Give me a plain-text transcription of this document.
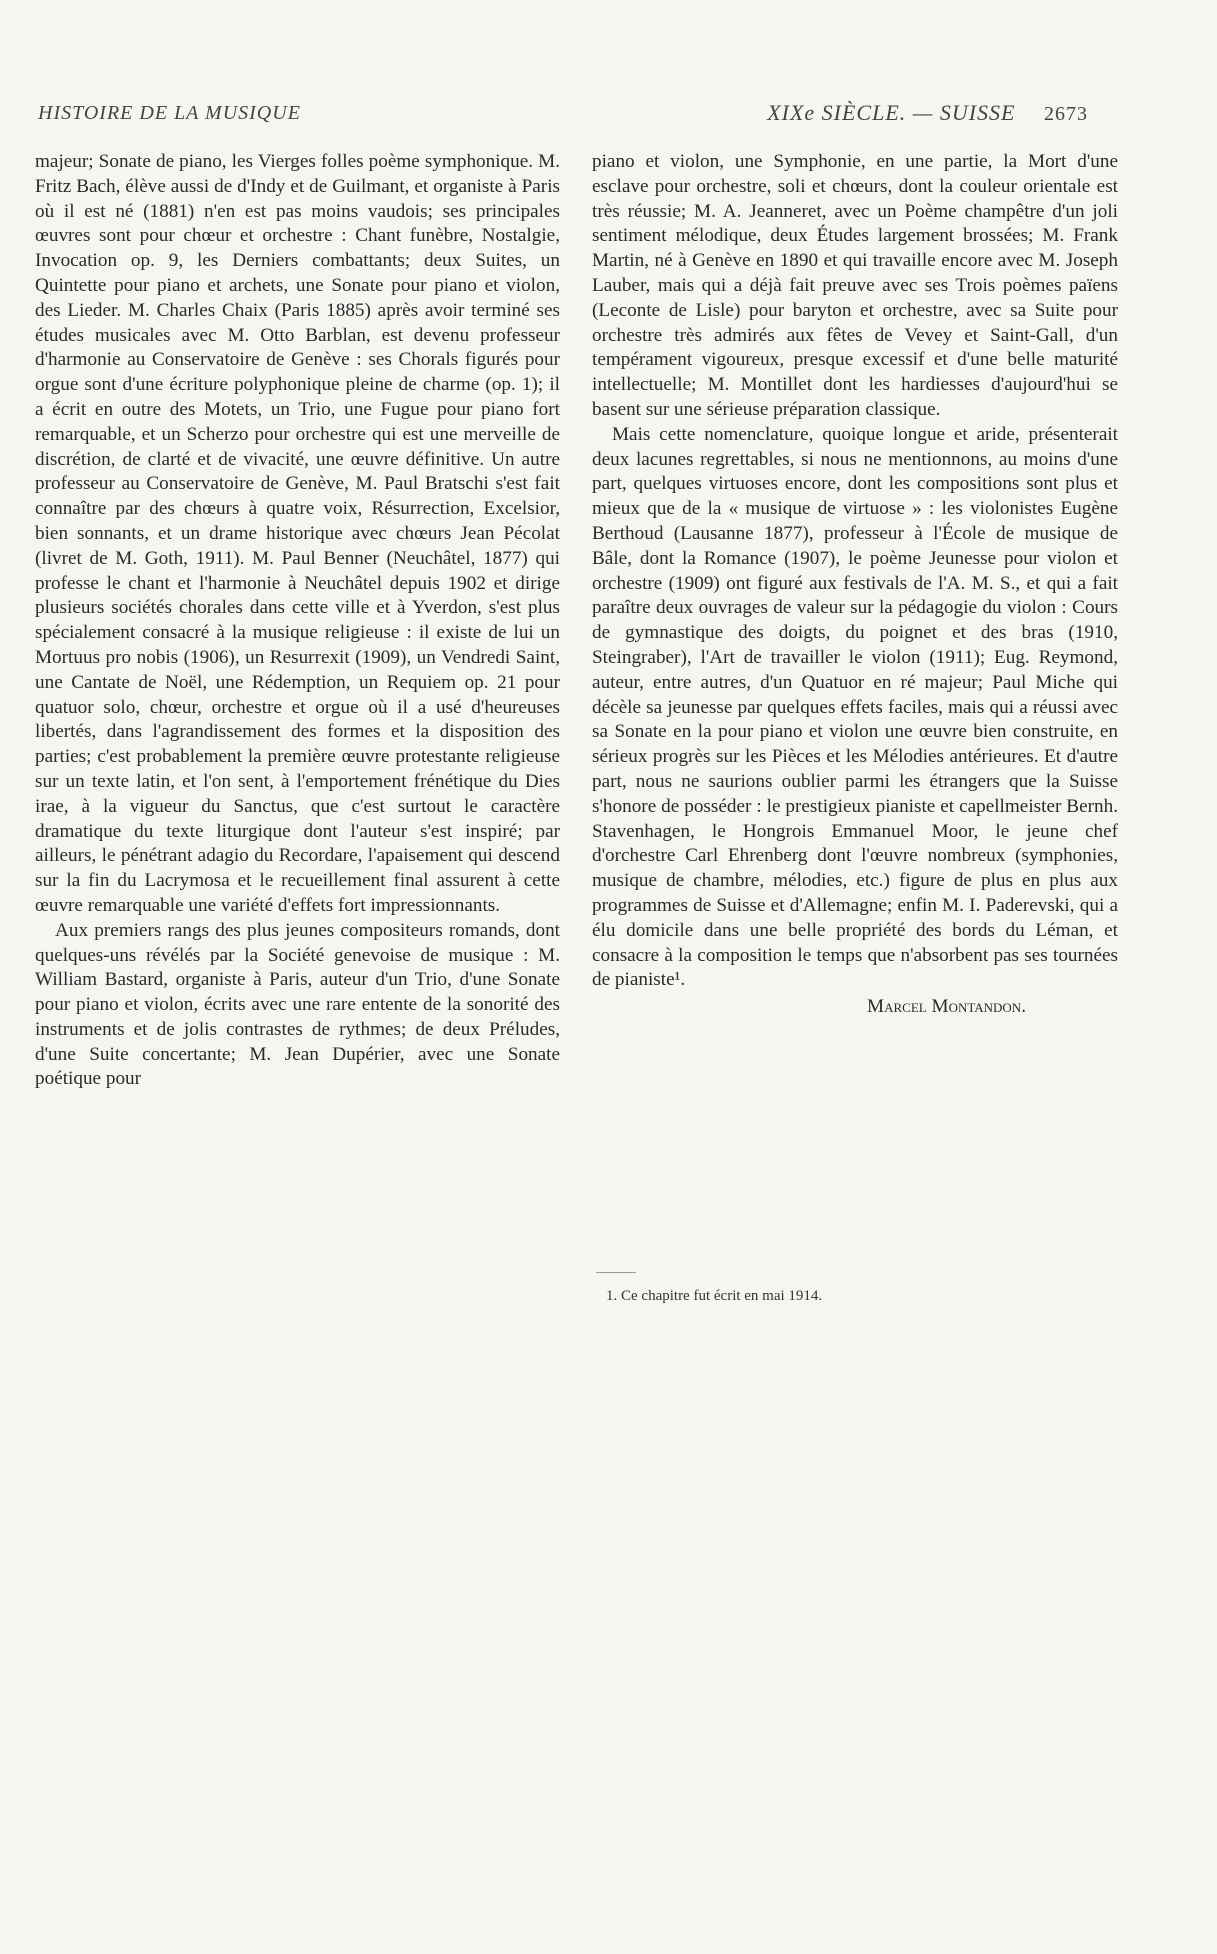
HISTOIRE DE LA MUSIQUE	XIXe SIÈCLE. — SUISSE 2673

majeur; Sonate de piano, les Vierges folles poème symphonique. M. Fritz Bach, élève aussi de d'Indy et de Guilmant, et organiste à Paris où il est né (1881) n'en est pas moins vaudois; ses principales œuvres sont pour chœur et orchestre : Chant funèbre, Nostalgie, Invocation op. 9, les Derniers combattants; deux Suites, un Quintette pour piano et archets, une Sonate pour piano et violon, des Lieder. M. Charles Chaix (Paris 1885) après avoir terminé ses études musicales avec M. Otto Barblan, est devenu professeur d'harmonie au Conservatoire de Genève : ses Chorals figurés pour orgue sont d'une écriture polyphonique pleine de charme (op. 1); il a écrit en outre des Motets, un Trio, une Fugue pour piano fort remarquable, et un Scherzo pour orchestre qui est une merveille de discrétion, de clarté et de vivacité, une œuvre définitive. Un autre professeur au Conservatoire de Genève, M. Paul Bratschi s'est fait connaître par des chœurs à quatre voix, Résurrection, Excelsior, bien sonnants, et un drame historique avec chœurs Jean Pécolat (livret de M. Goth, 1911). M. Paul Benner (Neuchâtel, 1877) qui professe le chant et l'harmonie à Neuchâtel depuis 1902 et dirige plusieurs sociétés chorales dans cette ville et à Yverdon, s'est plus spécialement consacré à la musique religieuse : il existe de lui un Mortuus pro nobis (1906), un Resurrexit (1909), un Vendredi Saint, une Cantate de Noël, une Rédemption, un Requiem op. 21 pour quatuor solo, chœur, orchestre et orgue où il a usé d'heureuses libertés, dans l'agrandissement des formes et la disposition des parties; c'est probablement la première œuvre protestante religieuse sur un texte latin, et l'on sent, à l'emportement frénétique du Dies irae, à la vigueur du Sanctus, que c'est surtout le caractère dramatique du texte liturgique dont l'auteur s'est inspiré; par ailleurs, le pénétrant adagio du Recordare, l'apaisement qui descend sur la fin du Lacrymosa et le recueillement final assurent à cette œuvre remarquable une variété d'effets fort impressionnants.

Aux premiers rangs des plus jeunes compositeurs romands, dont quelques-uns révélés par la Société genevoise de musique : M. William Bastard, organiste à Paris, auteur d'un Trio, d'une Sonate pour piano et violon, écrits avec une rare entente de la sonorité des instruments et de jolis contrastes de rythmes; de deux Préludes, d'une Suite concertante; M. Jean Dupérier, avec une Sonate poétique pour

piano et violon, une Symphonie, en une partie, la Mort d'une esclave pour orchestre, soli et chœurs, dont la couleur orientale est très réussie; M. A. Jeanneret, avec un Poème champêtre d'un joli sentiment mélodique, deux Études largement brossées; M. Frank Martin, né à Genève en 1890 et qui travaille encore avec M. Joseph Lauber, mais qui a déjà fait preuve avec ses Trois poèmes païens (Leconte de Lisle) pour baryton et orchestre, avec sa Suite pour orchestre très admirés aux fêtes de Vevey et Saint-Gall, d'un tempérament vigoureux, presque excessif et d'une belle maturité intellectuelle; M. Montillet dont les hardiesses d'aujourd'hui se basent sur une sérieuse préparation classique.

Mais cette nomenclature, quoique longue et aride, présenterait deux lacunes regrettables, si nous ne mentionnons, au moins d'une part, quelques virtuoses encore, dont les compositions sont plus et mieux que de la « musique de virtuose » : les violonistes Eugène Berthoud (Lausanne 1877), professeur à l'École de musique de Bâle, dont la Romance (1907), le poème Jeunesse pour violon et orchestre (1909) ont figuré aux festivals de l'A. M. S., et qui a fait paraître deux ouvrages de valeur sur la pédagogie du violon : Cours de gymnastique des doigts, du poignet et des bras (1910, Steingraber), l'Art de travailler le violon (1911); Eug. Reymond, auteur, entre autres, d'un Quatuor en ré majeur; Paul Miche qui décèle sa jeunesse par quelques effets faciles, mais qui a réussi avec sa Sonate en la pour piano et violon une œuvre bien construite, en sérieux progrès sur les Pièces et les Mélodies antérieures. Et d'autre part, nous ne saurions oublier parmi les étrangers que la Suisse s'honore de posséder : le prestigieux pianiste et capellmeister Bernh. Stavenhagen, le Hongrois Emmanuel Moor, le jeune chef d'orchestre Carl Ehrenberg dont l'œuvre nombreux (symphonies, musique de chambre, mélodies, etc.) figure de plus en plus aux programmes de Suisse et d'Allemagne; enfin M. I. Paderevski, qui a élu domicile dans une belle propriété des bords du Léman, et consacre à la composition le temps que n'absorbent pas ses tournées de pianiste¹.

Marcel Montandon.
1. Ce chapitre fut écrit en mai 1914.
